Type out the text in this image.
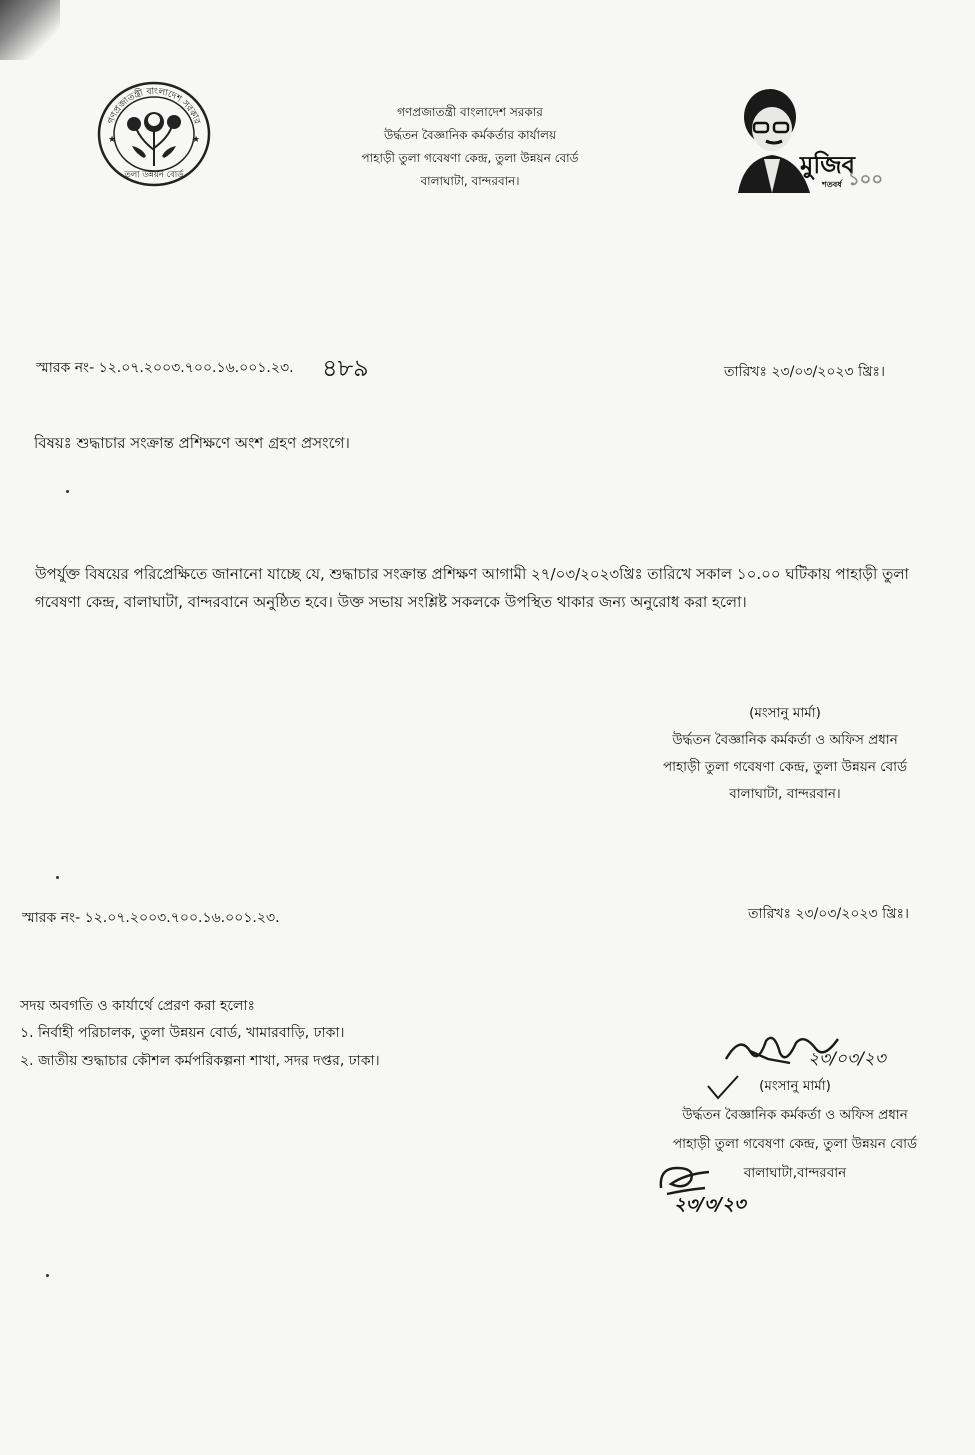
★	★
গণপ্রজাতন্ত্রী বাংলাদেশ সরকার
তুলা উন্নয়ন বোর্ড
গণপ্রজাতন্ত্রী বাংলাদেশ সরকার
উর্দ্ধতন বৈজ্ঞানিক কর্মকর্তার কার্যালয়
পাহাড়ী তুলা গবেষণা কেন্দ্র, তুলা উন্নয়ন বোর্ড
বালাঘাটা, বান্দরবান।
মুজিব
শতবর্ষ ১০০
স্মারক নং- ১২.০৭.২০০৩.৭০০.১৬.০০১.২৩. ৪৮৯	তারিখঃ ২৩/০৩/২০২৩ খ্রিঃ।
বিষয়ঃ শুদ্ধাচার সংক্রান্ত প্রশিক্ষণে অংশ গ্রহণ প্রসংগে।
উপর্যুক্ত বিষয়ের পরিপ্রেক্ষিতে জানানো যাচ্ছে যে, শুদ্ধাচার সংক্রান্ত প্রশিক্ষণ আগামী ২৭/০৩/২০২৩খ্রিঃ তারিখে সকাল ১০.০০ ঘটিকায় পাহাড়ী তুলা গবেষণা কেন্দ্র, বালাঘাটা, বান্দরবানে অনুষ্ঠিত হবে। উক্ত সভায় সংশ্লিষ্ট সকলকে উপস্থিত থাকার জন্য অনুরোধ করা হলো।
(মংসানু মার্মা)
উর্দ্ধতন বৈজ্ঞানিক কর্মকর্তা ও অফিস প্রধান
পাহাড়ী তুলা গবেষণা কেন্দ্র, তুলা উন্নয়ন বোর্ড
বালাঘাটা, বান্দরবান।
স্মারক নং- ১২.০৭.২০০৩.৭০০.১৬.০০১.২৩.	তারিখঃ ২৩/০৩/২০২৩ খ্রিঃ।
সদয় অবগতি ও কার্যার্থে প্রেরণ করা হলোঃ
১. নির্বাহী পরিচালক, তুলা উন্নয়ন বোর্ড, খামারবাড়ি, ঢাকা।
২. জাতীয় শুদ্ধাচার কৌশল কর্মপরিকল্পনা শাখা, সদর দপ্তর, ঢাকা।	২৩/০৩/২৩
(মংসানু মার্মা)
উর্দ্ধতন বৈজ্ঞানিক কর্মকর্তা ও অফিস প্রধান
পাহাড়ী তুলা গবেষণা কেন্দ্র, তুলা উন্নয়ন বোর্ড
বালাঘাটা,বান্দরবান
২৩/৩/২৩
